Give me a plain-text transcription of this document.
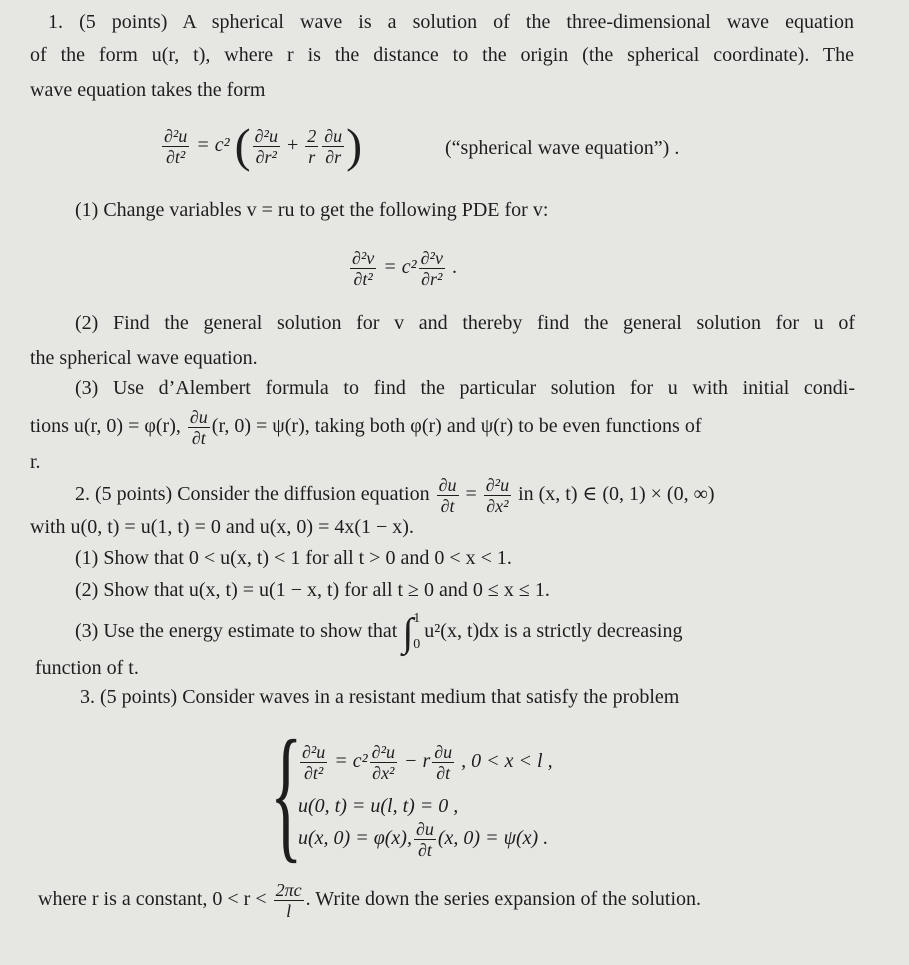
1. (5 points) A spherical wave is a solution of the three-dimensional wave equation
of the form u(r, t), where r is the distance to the origin (the spherical coordinate). The
wave equation takes the form
$\frac{\text{∂²u}}{\text{∂t²}} = c^2$ ( $\frac{\text{∂²u}}{\text{∂r²}} + \frac{2}{r} \frac{\partial u}{\partial r}$ )	(“spherical wave equation”) .
(1) Change variables v = ru to get the following PDE for v:
$\frac{\text{∂²v}}{\text{∂t²}} = c^2 \frac{\text{∂²v}}{\text{∂r²}}$ .
(2) Find the general solution for v and thereby find the general solution for u of
the spherical wave equation.
(3) Use d’Alembert formula to find the particular solution for u with initial condi-
tions u(r, 0) = φ(r), $\frac{\partial u}{\partial t} (r$, 0) = ψ(r), taking both φ(r) and ψ(r) to be even functions of
r.
2. (5 points) Consider the diffusion equation $\frac{\partial u}{\partial t} = \frac{\text{∂²u}}{\text{∂x²}}$ in (x, t) ∈ (0, 1) × (0, ∞)
with u(0, t) = u(1, t) = 0 and u(x, 0) = 4x(1 − x).
(1) Show that 0 < u(x, t) < 1 for all t > 0 and 0 < x < 1.
(2) Show that u(x, t) = u(1 − x, t) for all t ≥ 0 and 0 ≤ x ≤ 1.
(3) Use the energy estimate to show that ∫ 1
0
u²(x, t)dx is a strictly decreasing
function of t.
3. (5 points) Consider waves in a resistant medium that satisfy the problem
{
$\frac{\text{∂²u}}{\text{∂t²}} = c^2 \frac{\text{∂²u}}{\text{∂x²}} - r \frac{\partial u}{\partial t}$ , 0 < x < l ,
u(0, t) = u(l, t) = 0 ,
u(x, 0) = φ(x), $\frac{\partial u}{\partial t} (x$, 0) = ψ(x) .
where r is a constant, $0 < r < \frac{2\pi c}{l}$ . Write down the series expansion of the solution.
